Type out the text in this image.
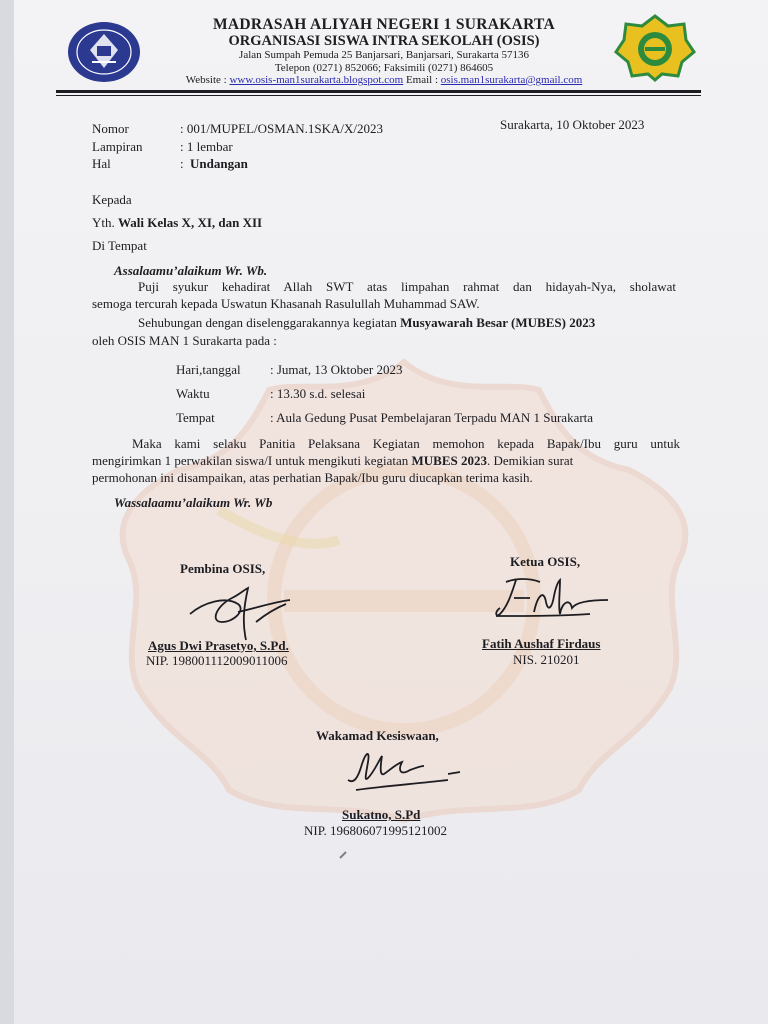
MADRASAH ALIYAH NEGERI 1 SURAKARTA
ORGANISASI SISWA INTRA SEKOLAH (OSIS)
Jalan Sumpah Pemuda 25 Banjarsari, Banjarsari, Surakarta 57136
Telepon (0271) 852066; Faksimili (0271) 864605
Website : www.osis-man1surakarta.blogspot.com Email : osis.man1surakarta@gmail.com
Nomor	: 001/MUPEL/OSMAN.1SKA/X/2023	Surakarta, 10 Oktober 2023
Lampiran	: 1 lembar
Hal	: Undangan
Kepada
Yth. Wali Kelas X, XI, dan XII
Di Tempat
Assalaamu’alaikum Wr. Wb.
Puji syukur kehadirat Allah SWT atas limpahan rahmat dan hidayah-Nya, sholawat
semoga tercurah kepada Uswatun Khasanah Rasulullah Muhammad SAW.
Sehubungan dengan diselenggarakannya kegiatan Musyawarah Besar (MUBES) 2023
oleh OSIS MAN 1 Surakarta pada :
Hari,tanggal : Jumat, 13 Oktober 2023
Waktu	: 13.30 s.d. selesai
Tempat	: Aula Gedung Pusat Pembelajaran Terpadu MAN 1 Surakarta
Maka kami selaku Panitia Pelaksana Kegiatan memohon kepada Bapak/Ibu guru untuk
mengirimkan 1 perwakilan siswa/I untuk mengikuti kegiatan MUBES 2023. Demikian surat
permohonan ini disampaikan, atas perhatian Bapak/Ibu guru diucapkan terima kasih.
Wassalaamu’alaikum Wr. Wb
Pembina OSIS,
Agus Dwi Prasetyo, S.Pd.
NIP. 198001112009011006
Ketua OSIS,
Fatih Aushaf Firdaus
NIS. 210201
Wakamad Kesiswaan,
Sukatno, S.Pd
NIP. 196806071995121002
